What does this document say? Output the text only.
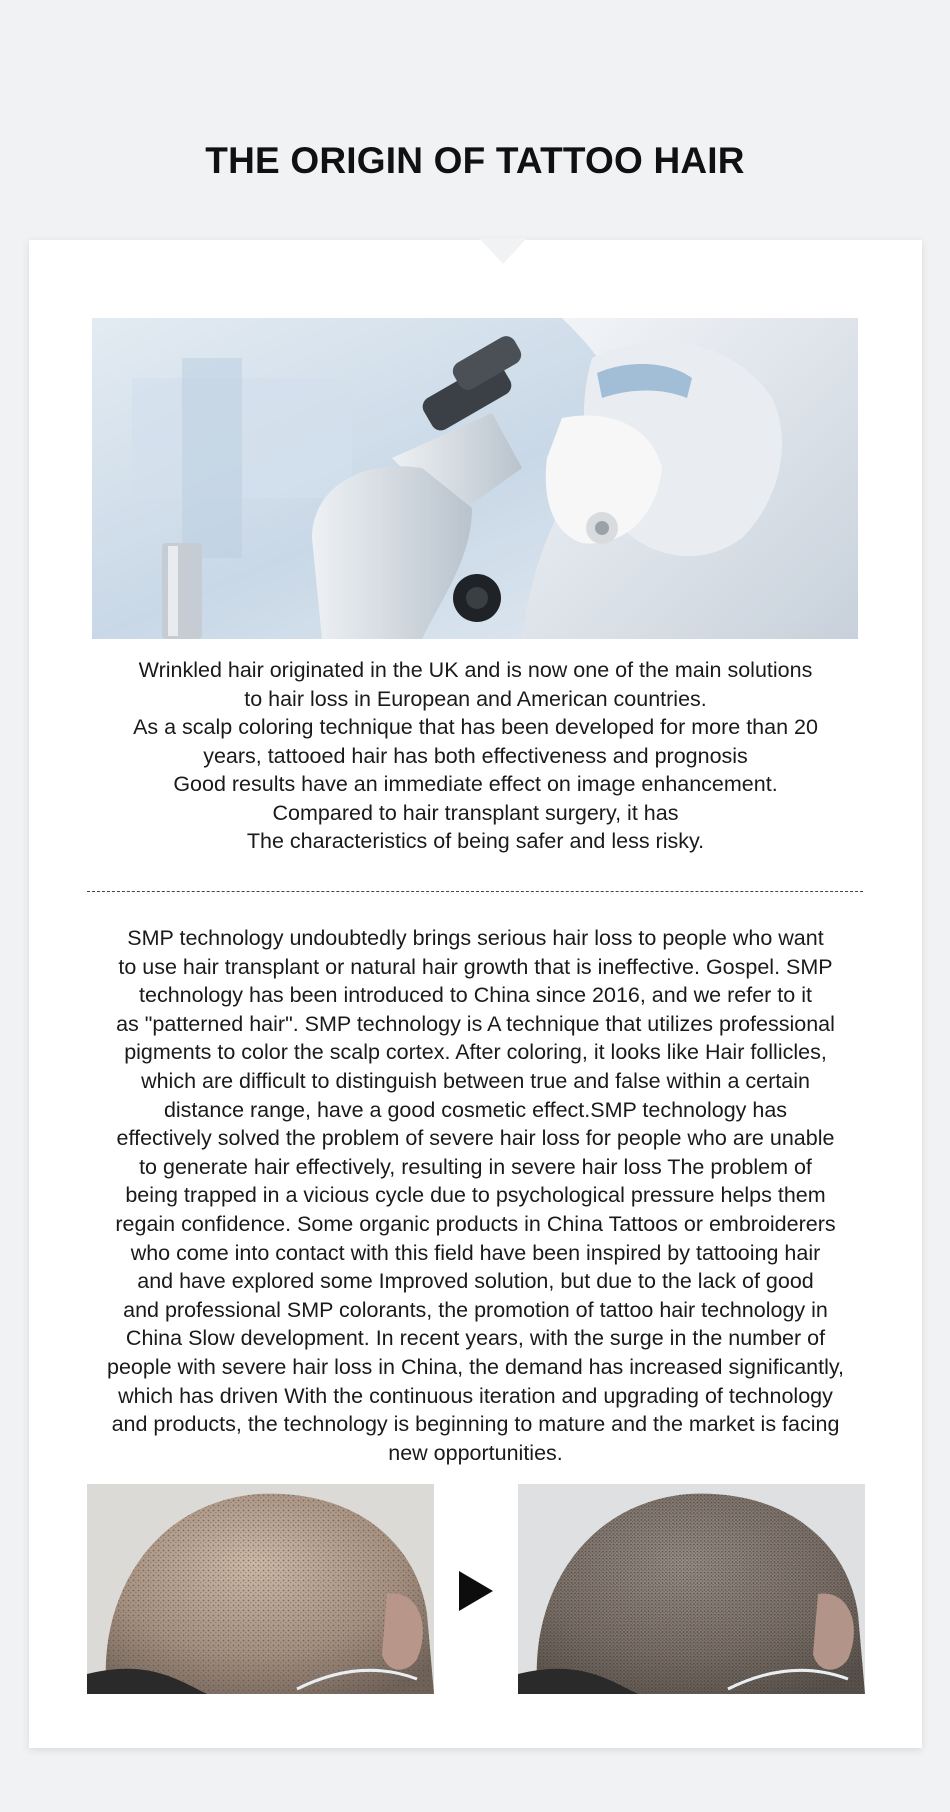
THE ORIGIN OF TATTOO HAIR
Wrinkled hair originated in the UK and is now one of the main solutions
to hair loss in European and American countries.
As a scalp coloring technique that has been developed for more than 20
years, tattooed hair has both effectiveness and prognosis
Good results have an immediate effect on image enhancement.
Compared to hair transplant surgery, it has
The characteristics of being safer and less risky.
SMP technology undoubtedly brings serious hair loss to people who want
to use hair transplant or natural hair growth that is ineffective. Gospel. SMP
technology has been introduced to China since 2016, and we refer to it
as "patterned hair". SMP technology is A technique that utilizes professional
pigments to color the scalp cortex. After coloring, it looks like Hair follicles,
which are difficult to distinguish between true and false within a certain
distance range, have a good cosmetic effect.SMP technology has
effectively solved the problem of severe hair loss for people who are unable
to generate hair effectively, resulting in severe hair loss The problem of
being trapped in a vicious cycle due to psychological pressure helps them
regain confidence. Some organic products in China Tattoos or embroiderers
who come into contact with this field have been inspired by tattooing hair
and have explored some Improved solution, but due to the lack of good
and professional SMP colorants, the promotion of tattoo hair technology in
China Slow development. In recent years, with the surge in the number of
people with severe hair loss in China, the demand has increased significantly,
which has driven With the continuous iteration and upgrading of technology
and products, the technology is beginning to mature and the market is facing
new opportunities.
